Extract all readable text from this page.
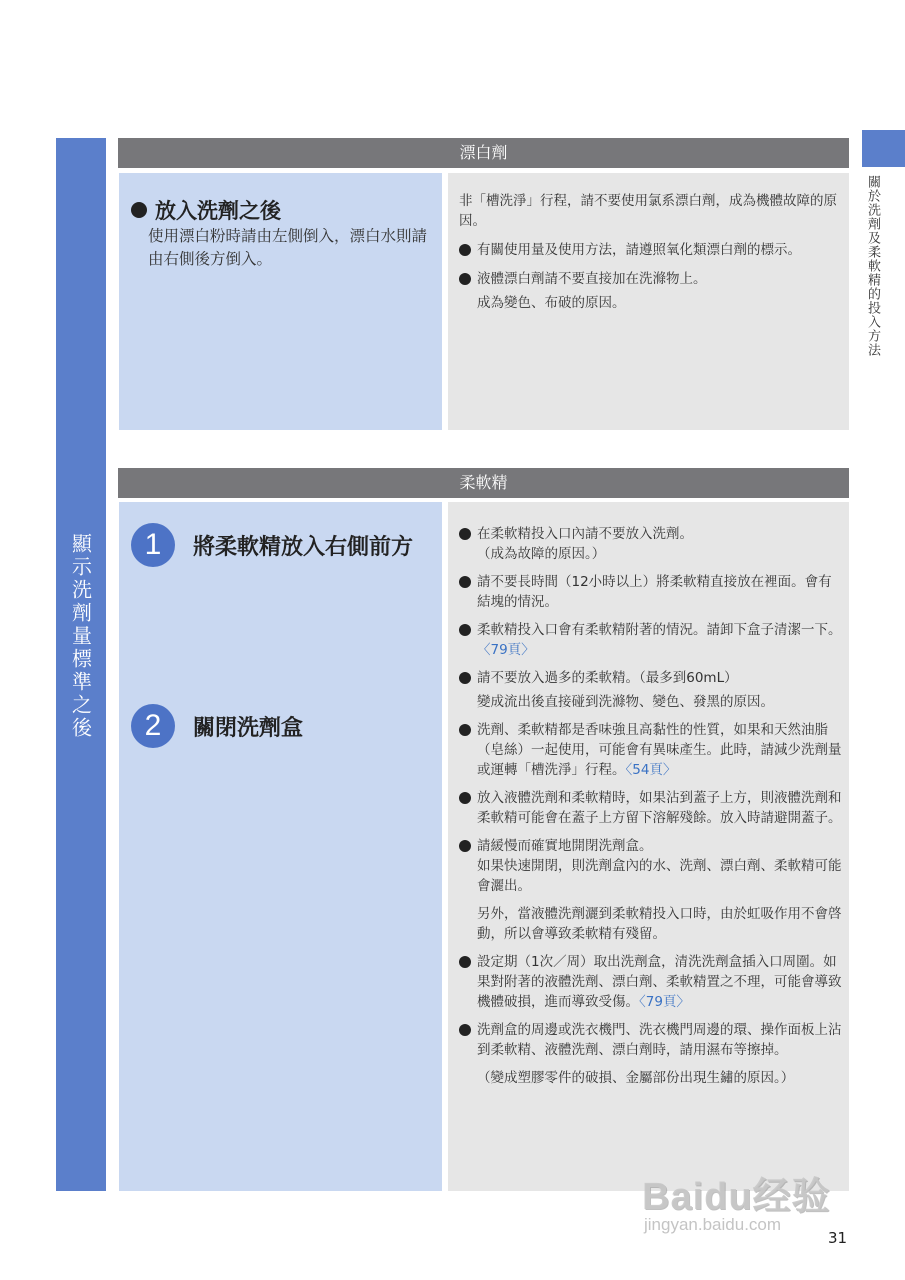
顯示洗劑量標準之後
關於洗劑及柔軟精的投入方法
漂白劑
放入洗劑之後
使用漂白粉時請由左側倒入，漂白水則請由右側後方倒入。

非「槽洗淨」行程，請不要使用氯系漂白劑，成為機體故障的原因。

有關使用量及使用方法，請遵照氧化類漂白劑的標示。
液體漂白劑請不要直接加在洗滌物上。
成為變色、布破的原因。
柔軟精
1	將柔軟精放入右側前方
2	關閉洗劑盒
在柔軟精投入口內請不要放入洗劑。
（成為故障的原因。）
請不要長時間（12小時以上）將柔軟精直接放在裡面。會有結塊的情況。
柔軟精投入口會有柔軟精附著的情況。請卸下盒子清潔一下。〈79頁〉
請不要放入過多的柔軟精。（最多到60mL）
變成流出後直接碰到洗滌物、變色、發黑的原因。
洗劑、柔軟精都是香味強且高黏性的性質，如果和天然油脂（皂絲）一起使用，可能會有異味產生。此時，請減少洗劑量或運轉「槽洗淨」行程。〈54頁〉
放入液體洗劑和柔軟精時，如果沾到蓋子上方，則液體洗劑和柔軟精可能會在蓋子上方留下溶解殘餘。放入時請避開蓋子。
請緩慢而確實地開閉洗劑盒。
如果快速開閉，則洗劑盒內的水、洗劑、漂白劑、柔軟精可能會灑出。
另外，當液體洗劑灑到柔軟精投入口時，由於虹吸作用不會啓動，所以會導致柔軟精有殘留。
設定期（1次／周）取出洗劑盒，清洗洗劑盒插入口周圍。如果對附著的液體洗劑、漂白劑、柔軟精置之不理，可能會導致機體破損，進而導致受傷。〈79頁〉
洗劑盒的周邊或洗衣機門、洗衣機門周邊的環、操作面板上沾到柔軟精、液體洗劑、漂白劑時，請用濕布等擦掉。
（變成塑膠零件的破損、金屬部份出現生鏽的原因。）
Baidu经验
jingyan.baidu.com
31
